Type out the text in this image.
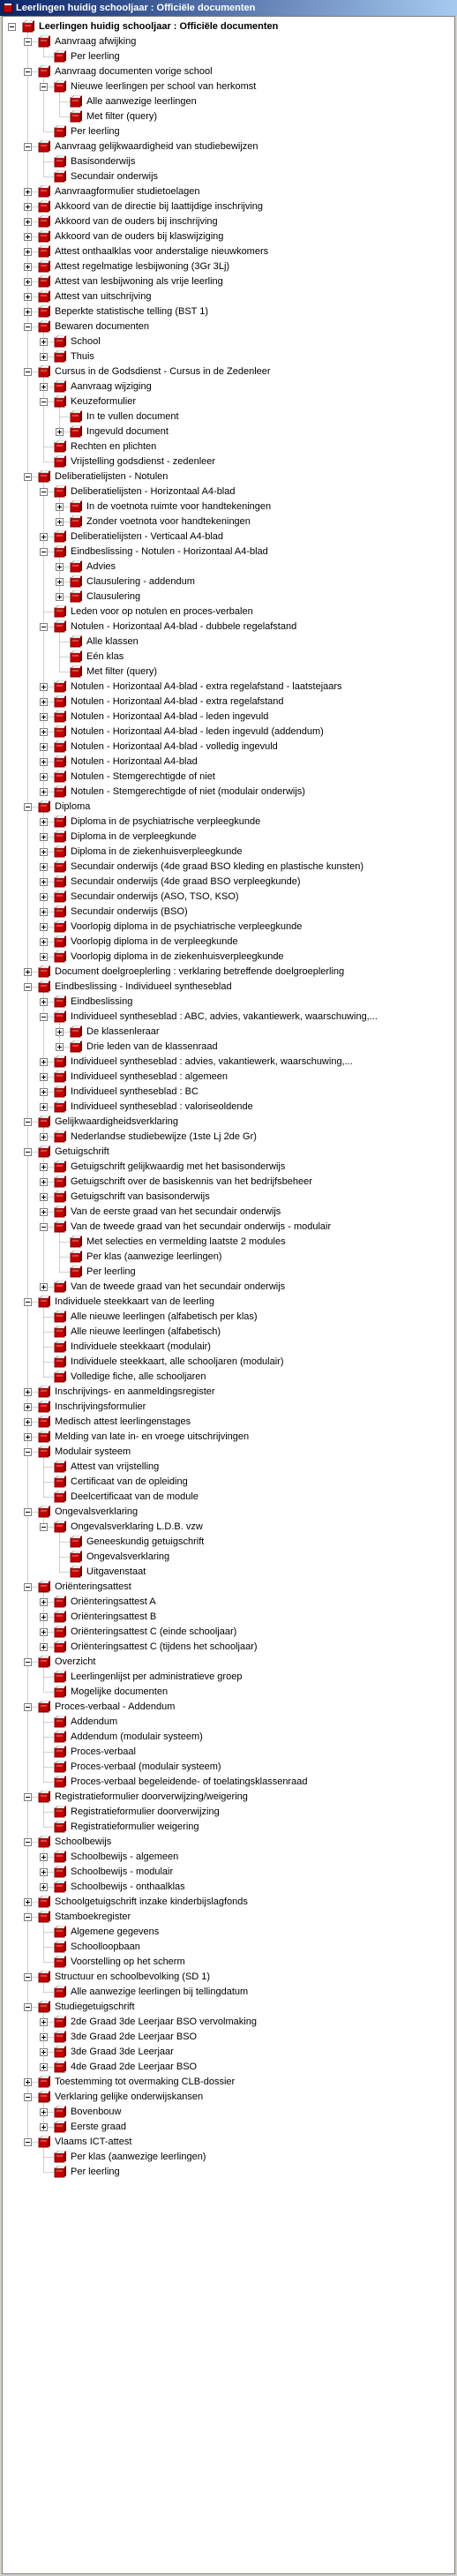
Leerlingen huidig schooljaar : Officiële documenten
Leerlingen huidig schooljaar : Officiële documenten
Aanvraag afwijking
Per leerling
Aanvraag documenten vorige school
Nieuwe leerlingen per school van herkomst
Alle aanwezige leerlingen
Met filter (query)
Per leerling
Aanvraag gelijkwaardigheid van studiebewijzen
Basisonderwijs
Secundair onderwijs
Aanvraagformulier studietoelagen
Akkoord van de directie bij laattijdige inschrijving
Akkoord van de ouders bij inschrijving
Akkoord van de ouders bij klaswijziging
Attest onthaalklas voor anderstalige nieuwkomers
Attest regelmatige lesbijwoning (3Gr 3Lj)
Attest van lesbijwoning als vrije leerling
Attest van uitschrijving
Beperkte statistische telling (BST 1)
Bewaren documenten
School
Thuis
Cursus in de Godsdienst - Cursus in de Zedenleer
Aanvraag wijziging
Keuzeformulier
In te vullen document
Ingevuld document
Rechten en plichten
Vrijstelling godsdienst - zedenleer
Deliberatielijsten - Notulen
Deliberatielijsten - Horizontaal A4-blad
In de voetnota ruimte voor handtekeningen
Zonder voetnota voor handtekeningen
Deliberatielijsten - Verticaal A4-blad
Eindbeslissing - Notulen - Horizontaal A4-blad
Advies
Clausulering - addendum
Clausulering
Leden voor op notulen en proces-verbalen
Notulen - Horizontaal A4-blad - dubbele regelafstand
Alle klassen
Eén klas
Met filter (query)
Notulen - Horizontaal A4-blad - extra regelafstand - laatstejaars
Notulen - Horizontaal A4-blad - extra regelafstand
Notulen - Horizontaal A4-blad - leden ingevuld
Notulen - Horizontaal A4-blad - leden ingevuld (addendum)
Notulen - Horizontaal A4-blad - volledig ingevuld
Notulen - Horizontaal A4-blad
Notulen - Stemgerechtigde of niet
Notulen - Stemgerechtigde of niet (modulair onderwijs)
Diploma
Diploma in de psychiatrische verpleegkunde
Diploma in de verpleegkunde
Diploma in de ziekenhuisverpleegkunde
Secundair onderwijs (4de graad BSO kleding en plastische kunsten)
Secundair onderwijs (4de graad BSO verpleegkunde)
Secundair onderwijs (ASO, TSO, KSO)
Secundair onderwijs (BSO)
Voorlopig diploma in de psychiatrische verpleegkunde
Voorlopig diploma in de verpleegkunde
Voorlopig diploma in de ziekenhuisverpleegkunde
Document doelgroeplerling : verklaring betreffende doelgroeplerling
Eindbeslissing - Individueel syntheseblad
Eindbeslissing
Individueel syntheseblad : ABC, advies, vakantiewerk, waarschuwing,...
De klassenleraar
Drie leden van de klassenraad
Individueel syntheseblad : advies, vakantiewerk, waarschuwing,...
Individueel syntheseblad : algemeen
Individueel syntheseblad : BC
Individueel syntheseblad : valoriseoldende
Gelijkwaardigheidsverklaring
Nederlandse studiebewijze (1ste Lj 2de Gr)
Getuigschrift
Getuigschrift gelijkwaardig met het basisonderwijs
Getuigschrift over de basiskennis van het bedrijfsbeheer
Getuigschrift van basisonderwijs
Van de eerste graad van het secundair onderwijs
Van de tweede graad van het secundair onderwijs - modulair
Met selecties en vermelding laatste 2 modules
Per klas (aanwezige leerlingen)
Per leerling
Van de tweede graad van het secundair onderwijs
Individuele steekkaart van de leerling
Alle nieuwe leerlingen (alfabetisch per klas)
Alle nieuwe leerlingen (alfabetisch)
Individuele steekkaart (modulair)
Individuele steekkaart, alle schooljaren (modulair)
Volledige fiche, alle schooljaren
Inschrijvings- en aanmeldingsregister
Inschrijvingsformulier
Medisch attest leerlingenstages
Melding van late in- en vroege uitschrijvingen
Modulair systeem
Attest van vrijstelling
Certificaat van de opleiding
Deelcertificaat van de module
Ongevalsverklaring
Ongevalsverklaring L.D.B. vzw
Geneeskundig getuigschrift
Ongevalsverklaring
Uitgavenstaat
Oriënteringsattest
Oriënteringsattest A
Oriënteringsattest B
Oriënteringsattest C (einde schooljaar)
Oriënteringsattest C (tijdens het schooljaar)
Overzicht
Leerlingenlijst per administratieve groep
Mogelijke documenten
Proces-verbaal - Addendum
Addendum
Addendum (modulair systeem)
Proces-verbaal
Proces-verbaal (modulair systeem)
Proces-verbaal begeleidende- of toelatingsklassenraad
Registratieformulier doorverwijzing/weigering
Registratieformulier doorverwijzing
Registratieformulier weigering
Schoolbewijs
Schoolbewijs - algemeen
Schoolbewijs - modulair
Schoolbewijs - onthaalklas
Schoolgetuigschrift inzake kinderbijslagfonds
Stamboekregister
Algemene gegevens
Schoolloopbaan
Voorstelling op het scherm
Structuur en schoolbevolking (SD 1)
Alle aanwezige leerlingen bij tellingdatum
Studiegetuigschrift
2de Graad 3de Leerjaar BSO vervolmaking
3de Graad 2de Leerjaar BSO
3de Graad 3de Leerjaar
4de Graad 2de Leerjaar BSO
Toestemming tot overmaking CLB-dossier
Verklaring gelijke onderwijskansen
Bovenbouw
Eerste graad
Vlaams ICT-attest
Per klas (aanwezige leerlingen)
Per leerling
